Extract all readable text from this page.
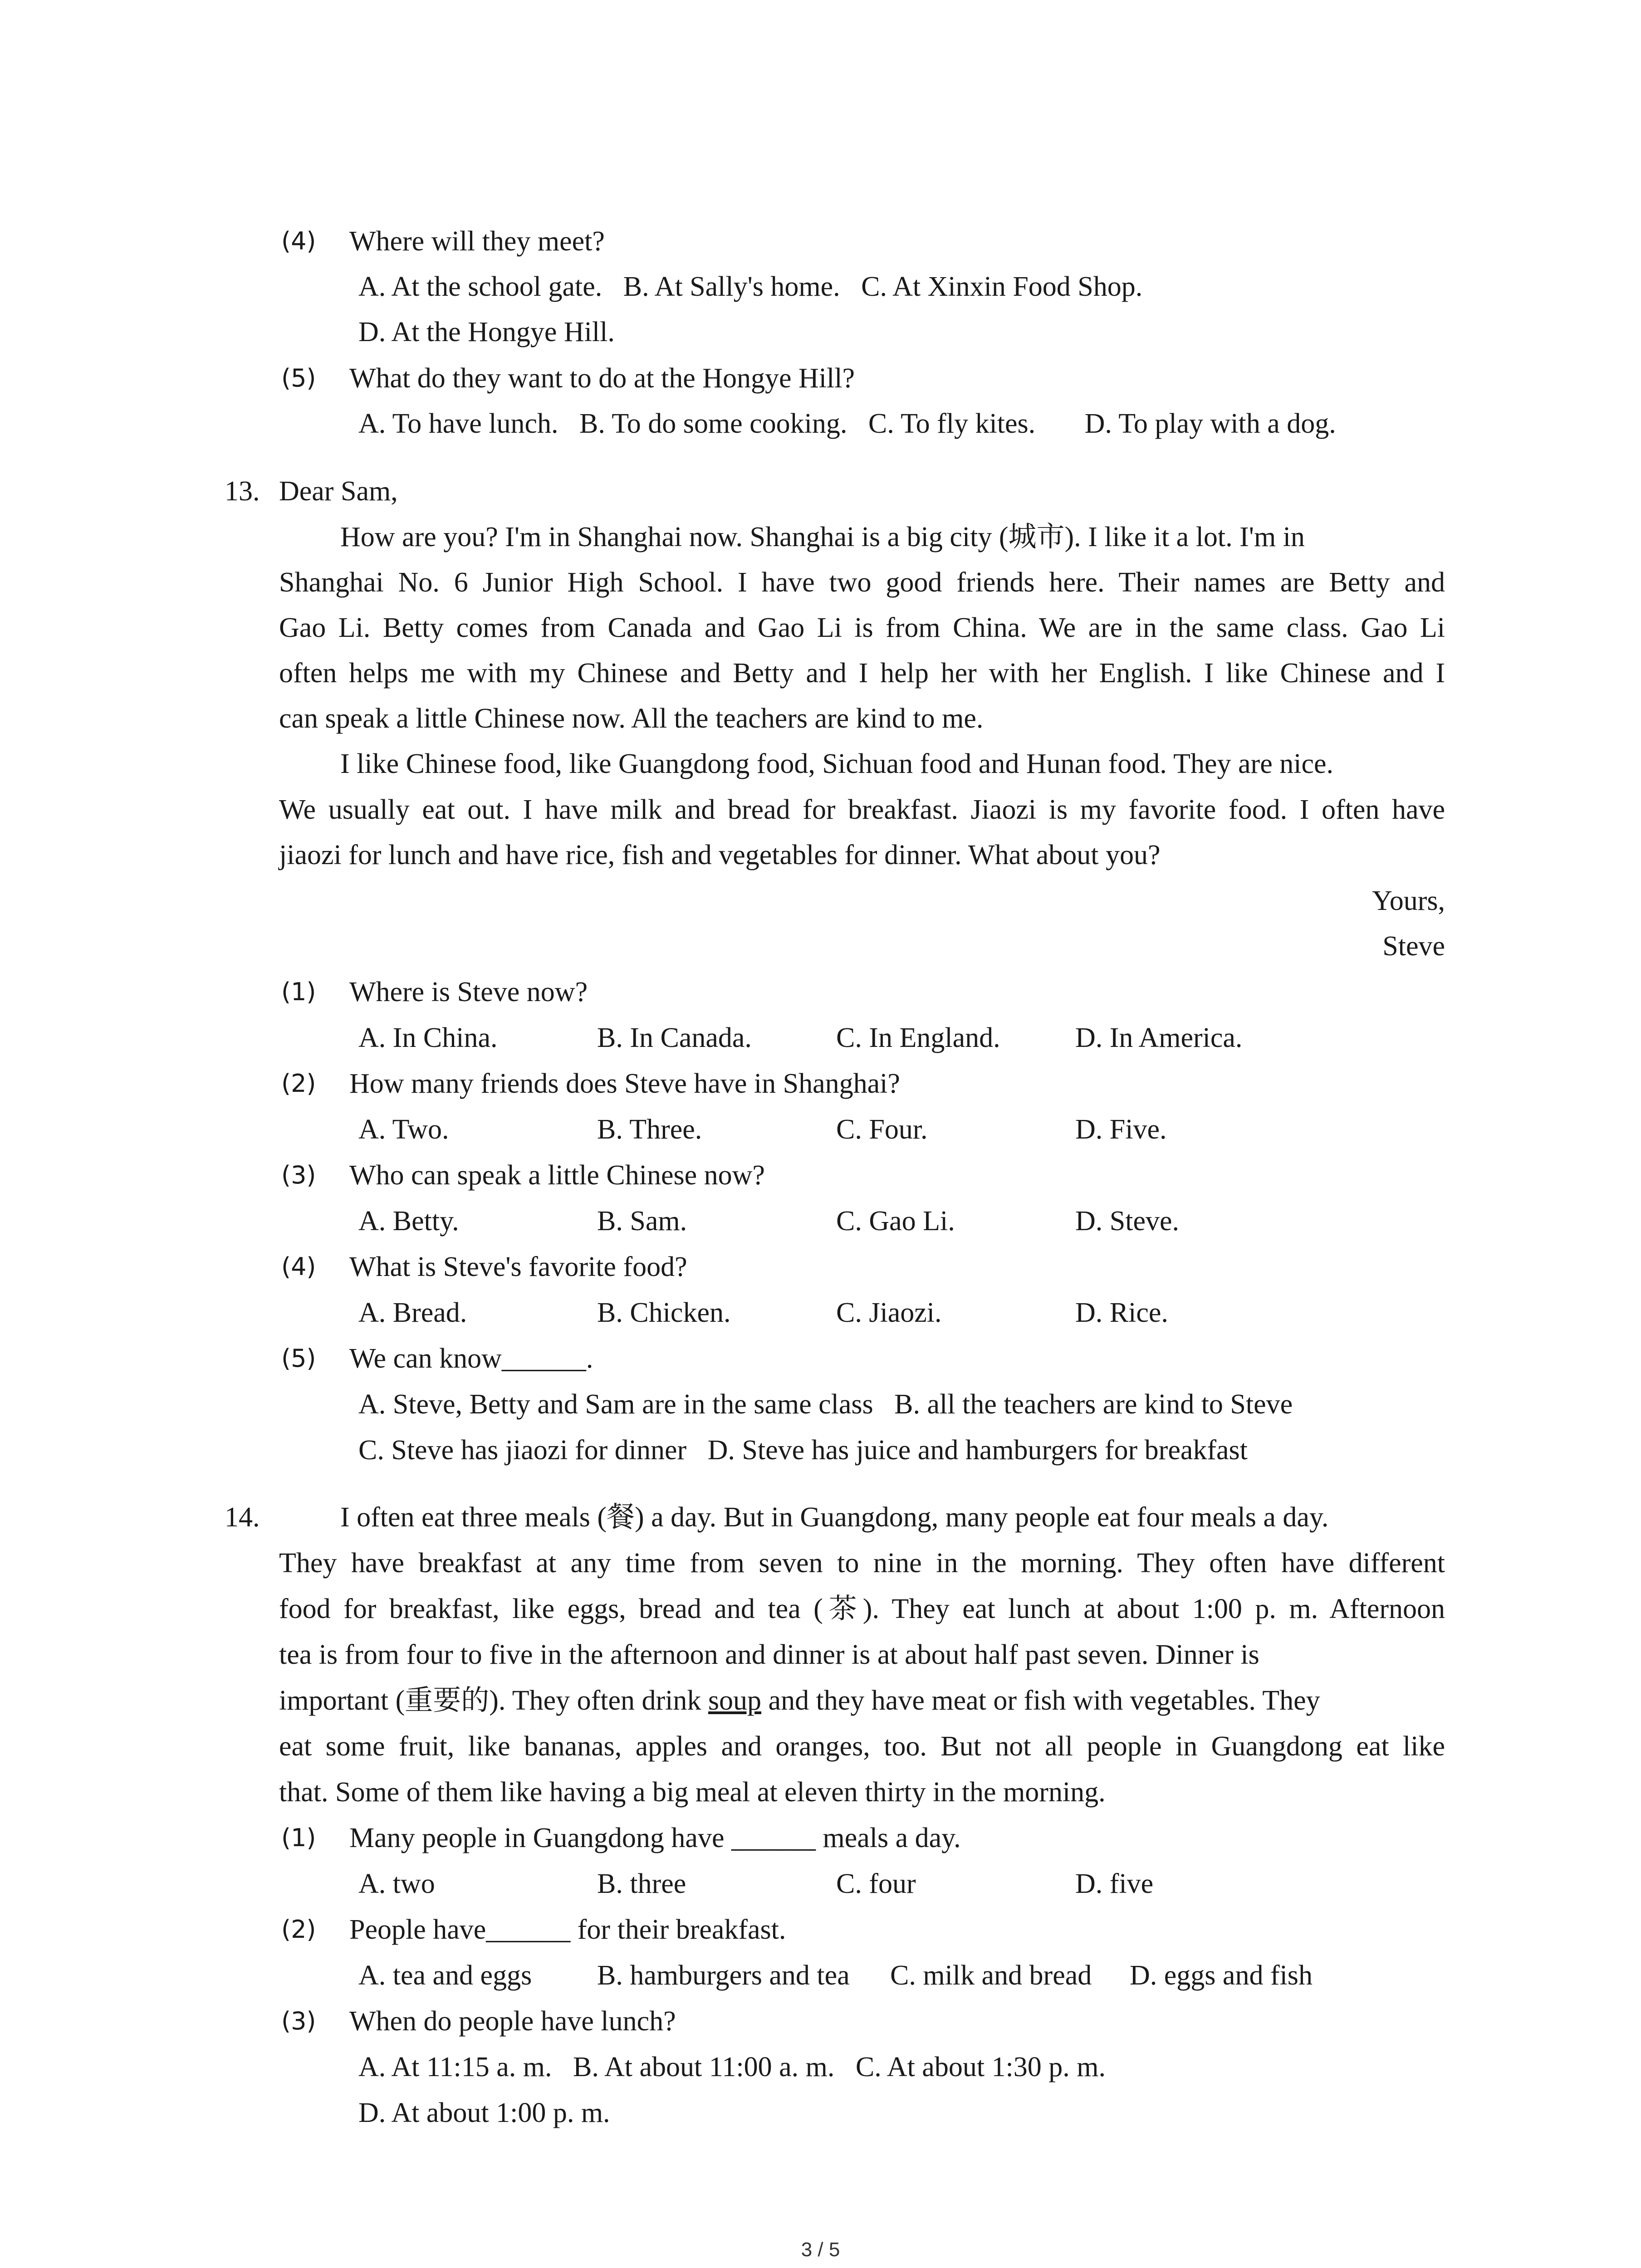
(4) Where will they meet?
A. At the school gate.   B. At Sally's home.   C. At Xinxin Food Shop.
D. At the Hongye Hill.
(5) What do they want to do at the Hongye Hill?
A. To have lunch.   B. To do some cooking.   C. To fly kites.       D. To play with a dog.
13. Dear Sam,
How are you? I'm in Shanghai now. Shanghai is a big city (城市). I like it a lot. I'm in
Shanghai No. 6 Junior High School. I have two good friends here. Their names are Betty and
Gao Li. Betty comes from Canada and Gao Li is from China. We are in the same class. Gao Li
often helps me with my Chinese and Betty and I help her with her English. I like Chinese and I
can speak a little Chinese now. All the teachers are kind to me.
I like Chinese food, like Guangdong food, Sichuan food and Hunan food. They are nice.
We usually eat out. I have milk and bread for breakfast. Jiaozi is my favorite food. I often have
jiaozi for lunch and have rice, fish and vegetables for dinner. What about you?
Yours,
Steve
(1) Where is Steve now?
A. In China.	B. In Canada.	C. In England.	D. In America.
(2) How many friends does Steve have in Shanghai?
A. Two.	B. Three.	C. Four.	D. Five.
(3) Who can speak a little Chinese now?
A. Betty.	B. Sam.	C. Gao Li.	D. Steve.
(4) What is Steve's favorite food?
A. Bread.	B. Chicken.	C. Jiaozi.	D. Rice.
(5) We can know______.
A. Steve, Betty and Sam are in the same class   B. all the teachers are kind to Steve
C. Steve has jiaozi for dinner   D. Steve has juice and hamburgers for breakfast
14.	I often eat three meals (餐) a day. But in Guangdong, many people eat four meals a day.
They have breakfast at any time from seven to nine in the morning. They often have different
food for breakfast, like eggs, bread and tea (茶). They eat lunch at about 1:00 p. m. Afternoon
tea is from four to five in the afternoon and dinner is at about half past seven. Dinner is
important (重要的). They often drink soup and they have meat or fish with vegetables. They
eat some fruit, like bananas, apples and oranges, too. But not all people in Guangdong eat like
that. Some of them like having a big meal at eleven thirty in the morning.
(1) Many people in Guangdong have ______ meals a day.
A. two	B. three	C. four	D. five
(2) People have______ for their breakfast.
A. tea and eggs B. hamburgers and tea C. milk and bread D. eggs and fish
(3) When do people have lunch?
A. At 11:15 a. m.   B. At about 11:00 a. m.   C. At about 1:30 p. m.
D. At about 1:00 p. m.
3 / 5
